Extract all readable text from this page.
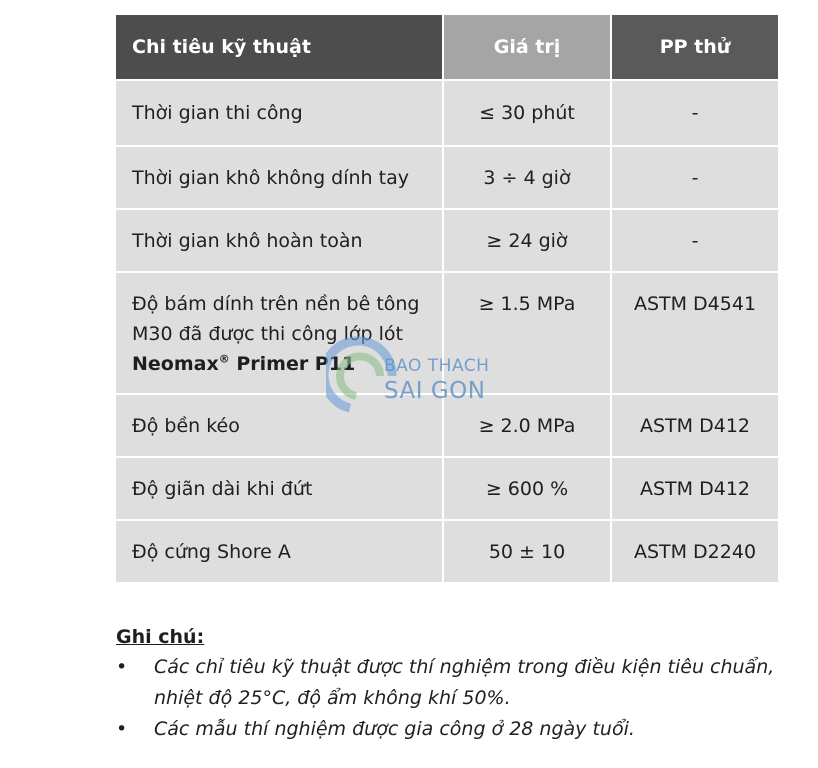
Chi tiêu kỹ thuật	Giá trị	PP thử
Thời gian thi công	≤ 30 phút	-
Thời gian khô không dính tay	3 ÷ 4 giờ	-
Thời gian khô hoàn toàn	≥ 24 giờ	-

Độ bám dính trên nền bê tông
M30 đã được thi công lớp lót
Neomax® Primer P11	≥ 1.5 MPa	ASTM D4541
Độ bền kéo	≥ 2.0 MPa	ASTM D412
Độ giãn dài khi đứt	≥ 600 %	ASTM D412
Độ cứng Shore A	50 ± 10	ASTM D2240
BAO THACH
SAI GON
Ghi chú:
• Các chỉ tiêu kỹ thuật được thí nghiệm trong điều kiện tiêu chuẩn,
nhiệt độ 25°C, độ ẩm không khí 50%.
• Các mẫu thí nghiệm được gia công ở 28 ngày tuổi.
